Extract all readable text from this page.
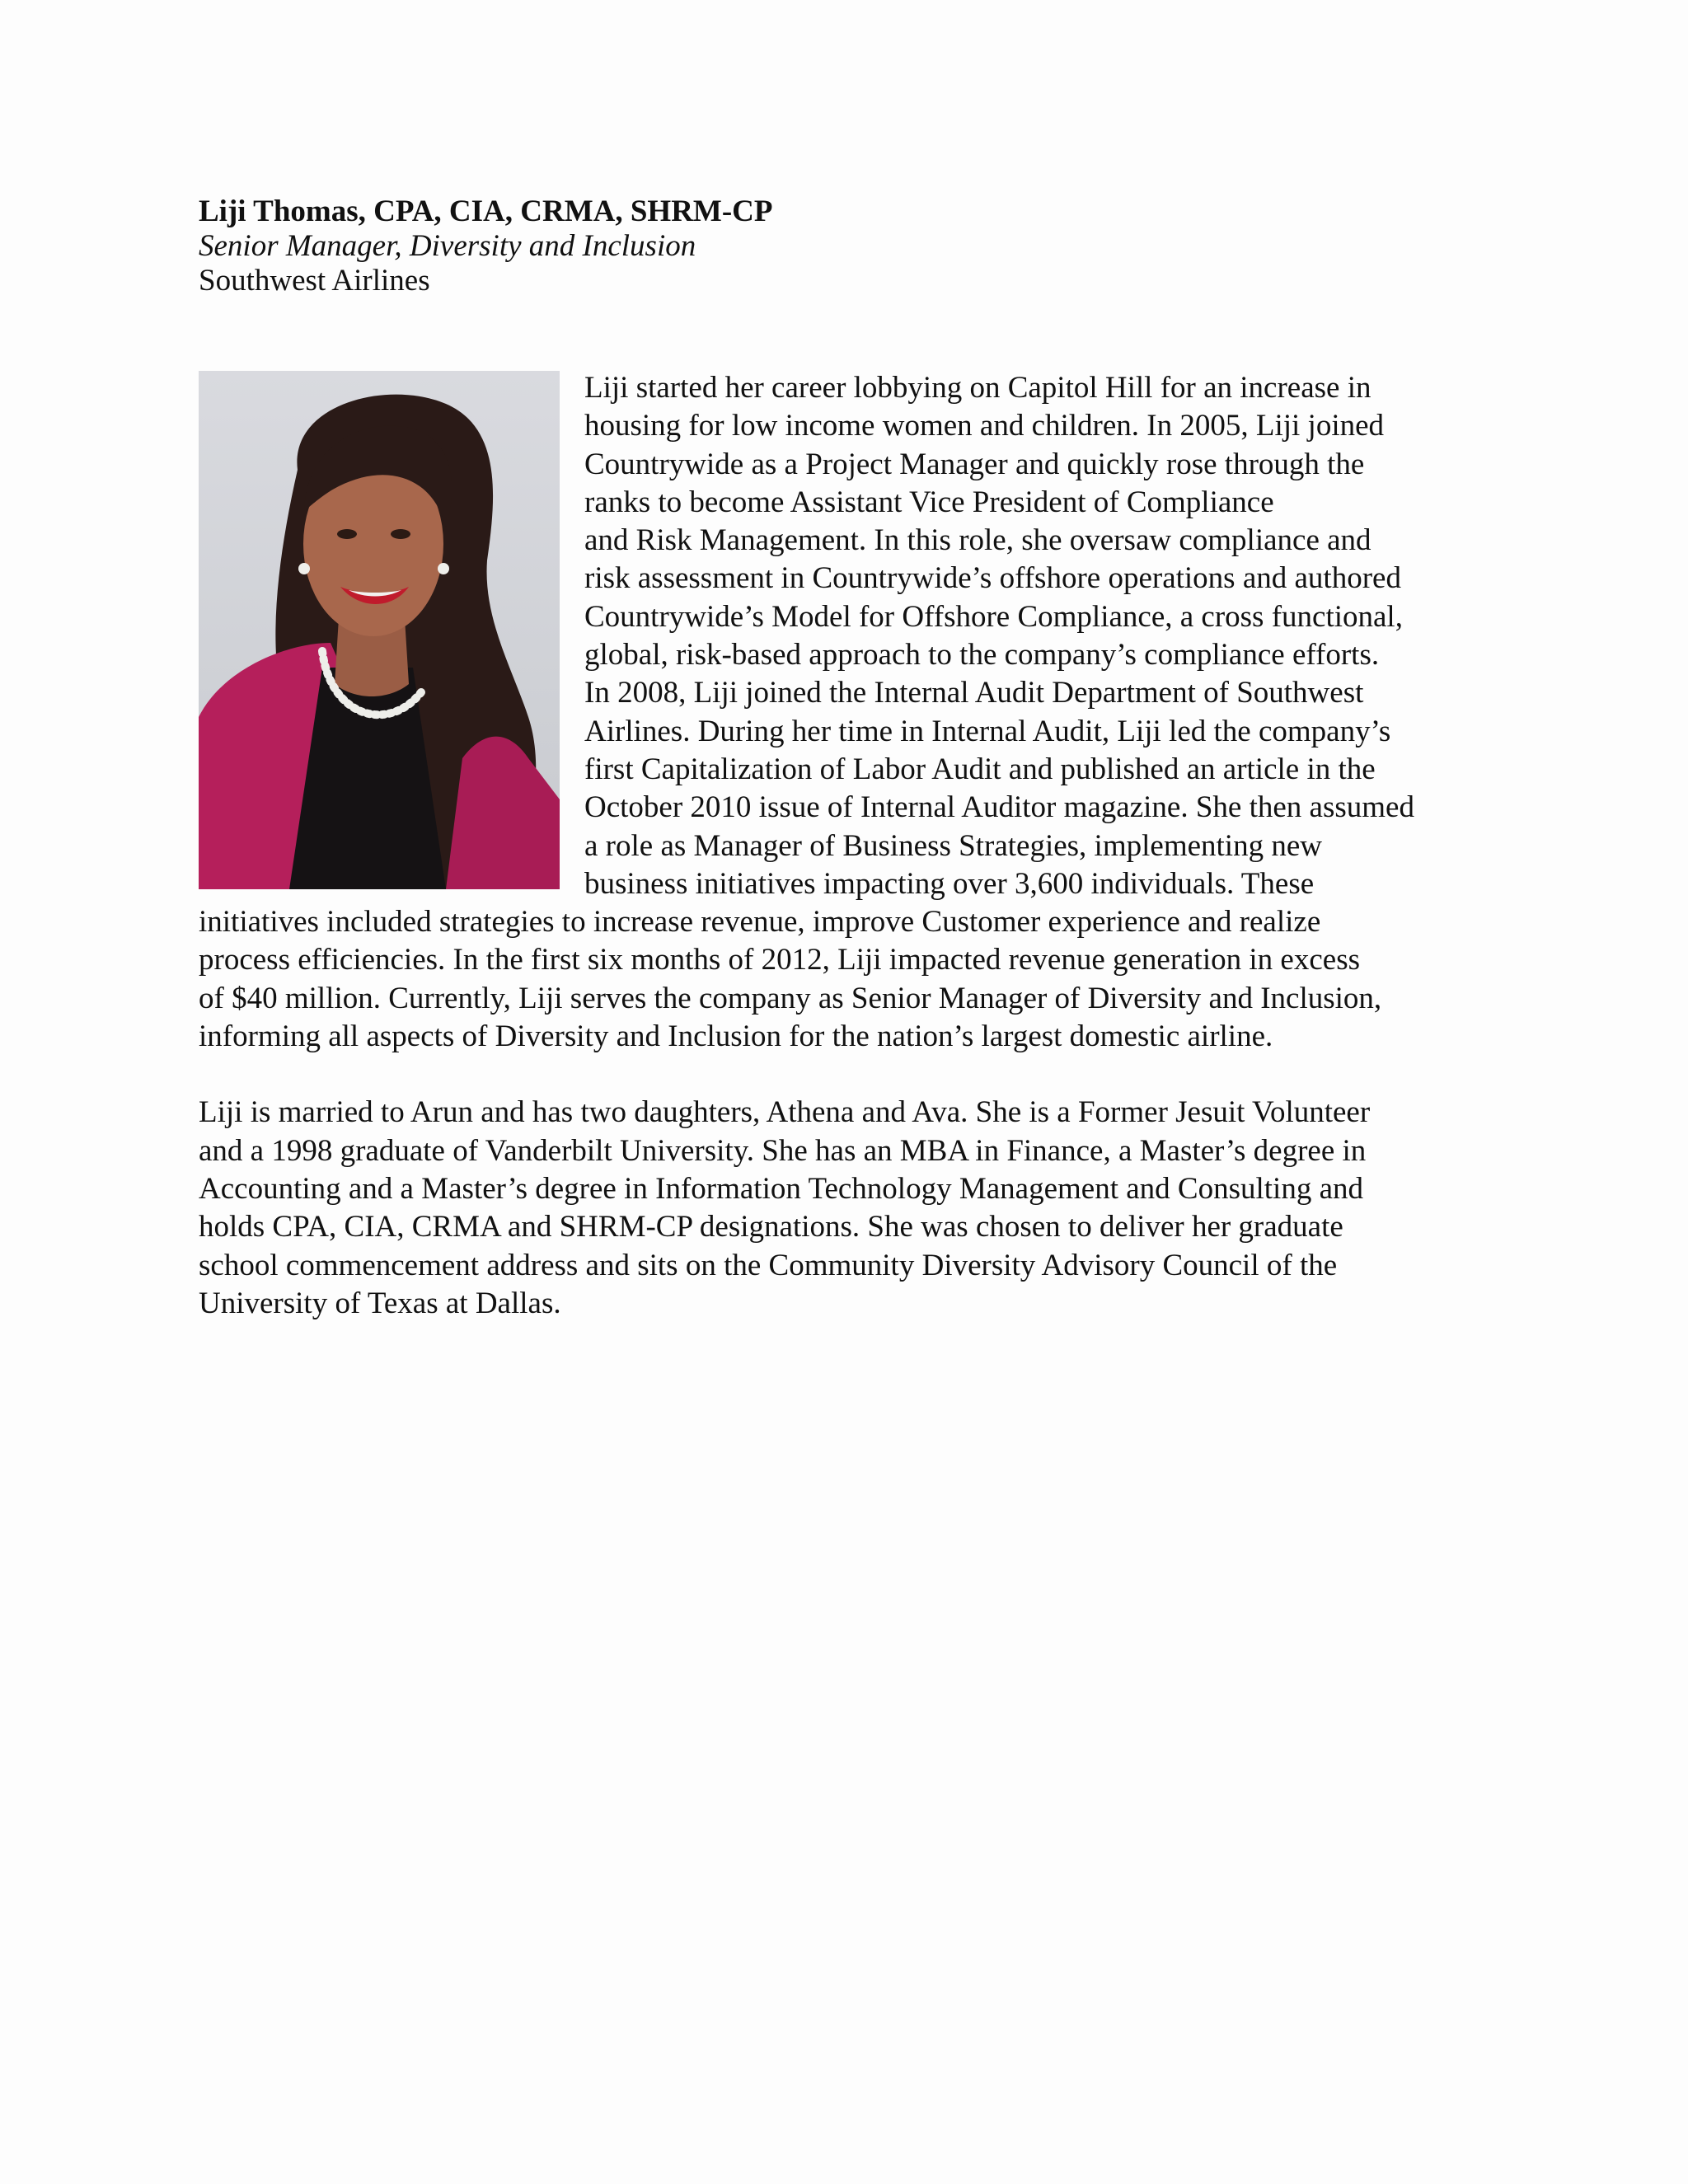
Liji Thomas, CPA, CIA, CRMA, SHRM-CP

Senior Manager, Diversity and Inclusion

Southwest Airlines

Liji started her career lobbying on Capitol Hill for an increase in
housing for low income women and children. In 2005, Liji joined
Countrywide as a Project Manager and quickly rose through the
ranks to become Assistant Vice President of Compliance
and Risk Management. In this role, she oversaw compliance and
risk assessment in Countrywide’s offshore operations and authored
Countrywide’s Model for Offshore Compliance, a cross functional,
global, risk-based approach to the company’s compliance efforts.
In 2008, Liji joined the Internal Audit Department of Southwest
Airlines. During her time in Internal Audit, Liji led the company’s
first Capitalization of Labor Audit and published an article in the
October 2010 issue of Internal Auditor magazine. She then assumed
a role as Manager of Business Strategies, implementing new
business initiatives impacting over 3,600 individuals. These
initiatives included strategies to increase revenue, improve Customer experience and realize
process efficiencies. In the first six months of 2012, Liji impacted revenue generation in excess
of $40 million. Currently, Liji serves the company as Senior Manager of Diversity and Inclusion,
informing all aspects of Diversity and Inclusion for the nation’s largest domestic airline.

Liji is married to Arun and has two daughters, Athena and Ava. She is a Former Jesuit Volunteer
and a 1998 graduate of Vanderbilt University. She has an MBA in Finance, a Master’s degree in
Accounting and a Master’s degree in Information Technology Management and Consulting and
holds CPA, CIA, CRMA and SHRM-CP designations. She was chosen to deliver her graduate
school commencement address and sits on the Community Diversity Advisory Council of the
University of Texas at Dallas.
